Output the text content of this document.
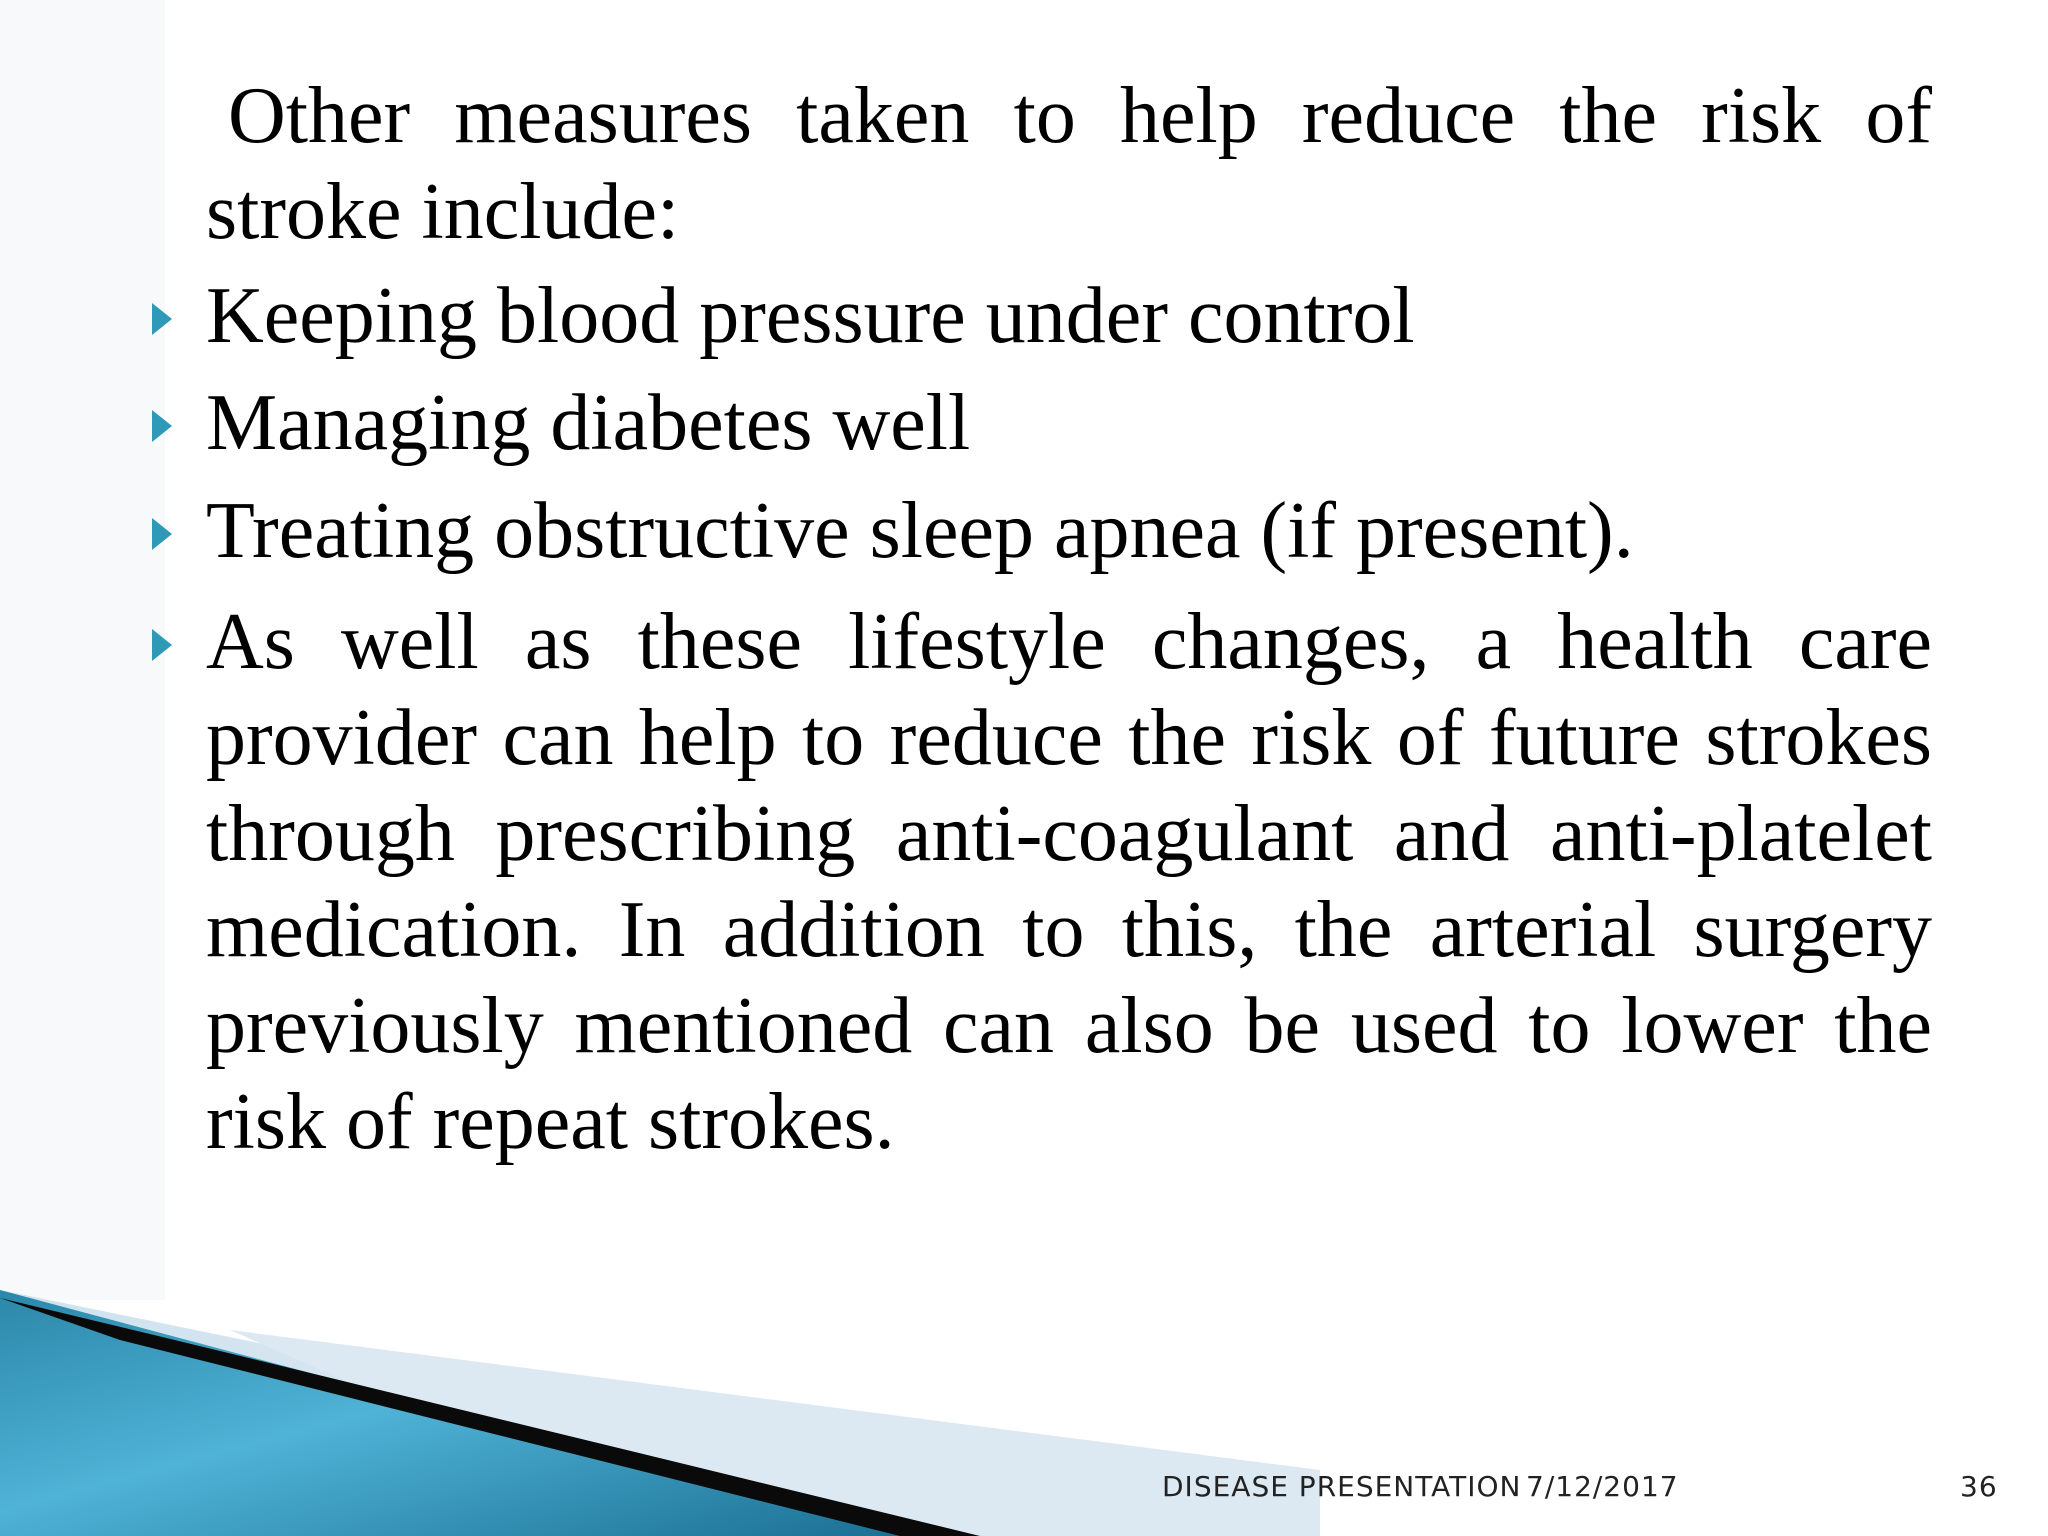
Other measures taken to help reduce the risk of stroke include:

Keeping blood pressure under control

Managing diabetes well

Treating obstructive sleep apnea (if present).

As well as these lifestyle changes, a health care provider can help to reduce the risk of future strokes through prescribing anti-coagulant and anti-platelet medication. In addition to this, the arterial surgery previously mentioned can also be used to lower the risk of repeat strokes.

DISEASE PRESENTATION 7/12/2017	36
